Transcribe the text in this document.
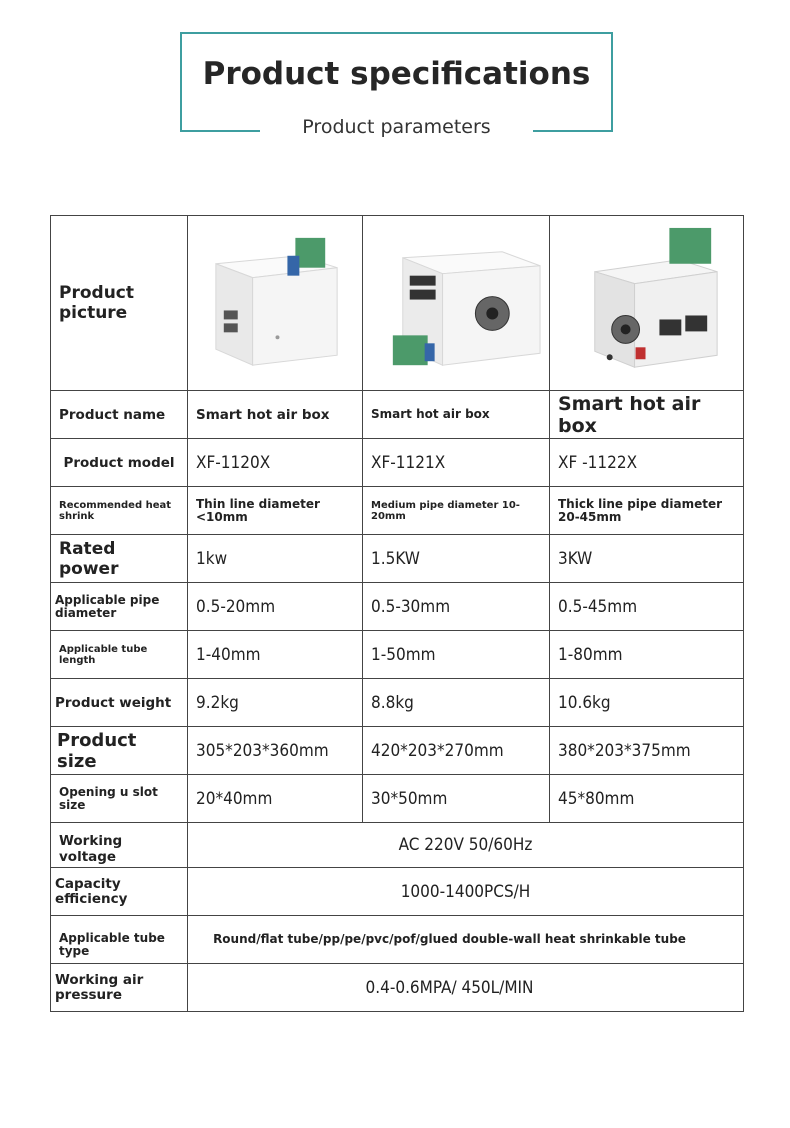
Product specifications
Product parameters
Product picture	

Product name	Smart hot air box	Smart hot air box	Smart hot air box
Product model	XF-1120X	XF-1121X	XF -1122X
Recommended heat shrink	Thin line diameter <10mm	Medium pipe diameter 10-20mm	Thick line pipe diameter 20-45mm
Rated power	1kw	1.5KW	3KW
Applicable pipe diameter	0.5-20mm	0.5-30mm	0.5-45mm
Applicable tube length	1-40mm	1-50mm	1-80mm
Product weight	9.2kg	8.8kg	10.6kg
Product size	305*203*360mm	420*203*270mm	380*203*375mm
Opening u slot size	20*40mm	30*50mm	45*80mm
Working voltage	AC 220V 50/60Hz		
Capacity efficiency	1000-1400PCS/H		
Applicable tube type	Round/flat tube/pp/pe/pvc/pof/glued double-wall heat shrinkable tube		
Working air pressure	0.4-0.6MPA/ 450L/MIN		
